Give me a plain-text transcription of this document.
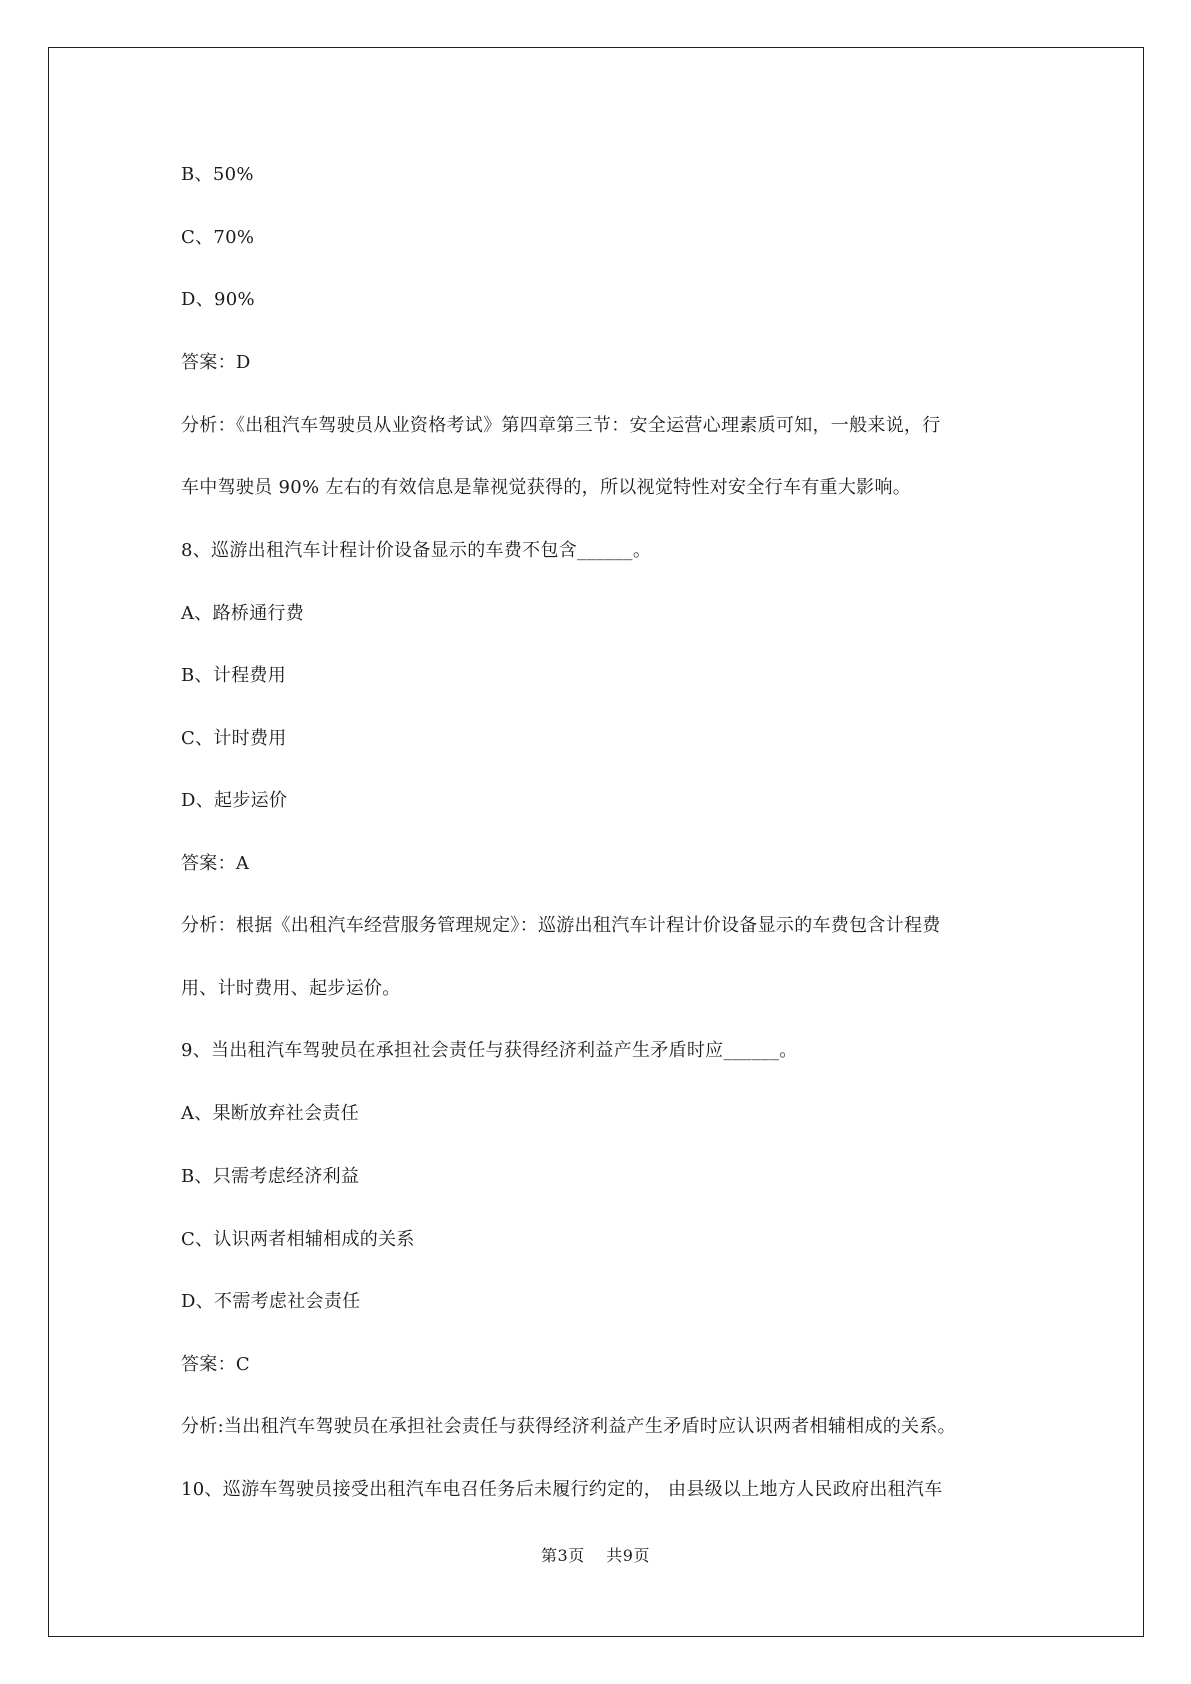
B、50%
C、70%
D、90%
答案：D
分析：《出租汽车驾驶员从业资格考试》第四章第三节：安全运营心理素质可知，一般来说，行
车中驾驶员 90% 左右的有效信息是靠视觉获得的，所以视觉特性对安全行车有重大影响。
8、巡游出租汽车计程计价设备显示的车费不包含______。
A、路桥通行费
B、计程费用
C、计时费用
D、起步运价
答案：A
分析：根据《出租汽车经营服务管理规定》：巡游出租汽车计程计价设备显示的车费包含计程费
用、计时费用、起步运价。
9、当出租汽车驾驶员在承担社会责任与获得经济利益产生矛盾时应______。
A、果断放弃社会责任
B、只需考虑经济利益
C、认识两者相辅相成的关系
D、不需考虑社会责任
答案：C
分析:当出租汽车驾驶员在承担社会责任与获得经济利益产生矛盾时应认识两者相辅相成的关系。
10、巡游车驾驶员接受出租汽车电召任务后未履行约定的， 由县级以上地方人民政府出租汽车
第3页 共9页
